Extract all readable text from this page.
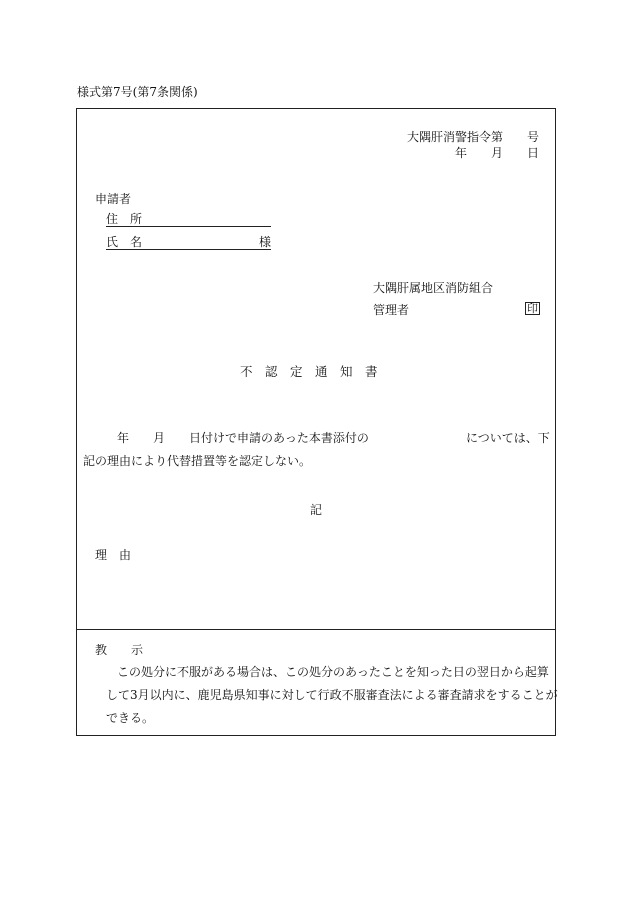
様式第7号(第7条関係)
大隅肝消警指令第　　号
年　　月　　日
申請者
住　所
氏　名	様
大隅肝属地区消防組合
管理者	印
不　認　定　通　知　書
年　　月　　日付けで申請のあった本書添付の	については、下
記の理由により代替措置等を認定しない。
記
理　由
教　　示
この処分に不服がある場合は、この処分のあったことを知った日の翌日から起算
して3月以内に、鹿児島県知事に対して行政不服審査法による審査請求をすることが
できる。
